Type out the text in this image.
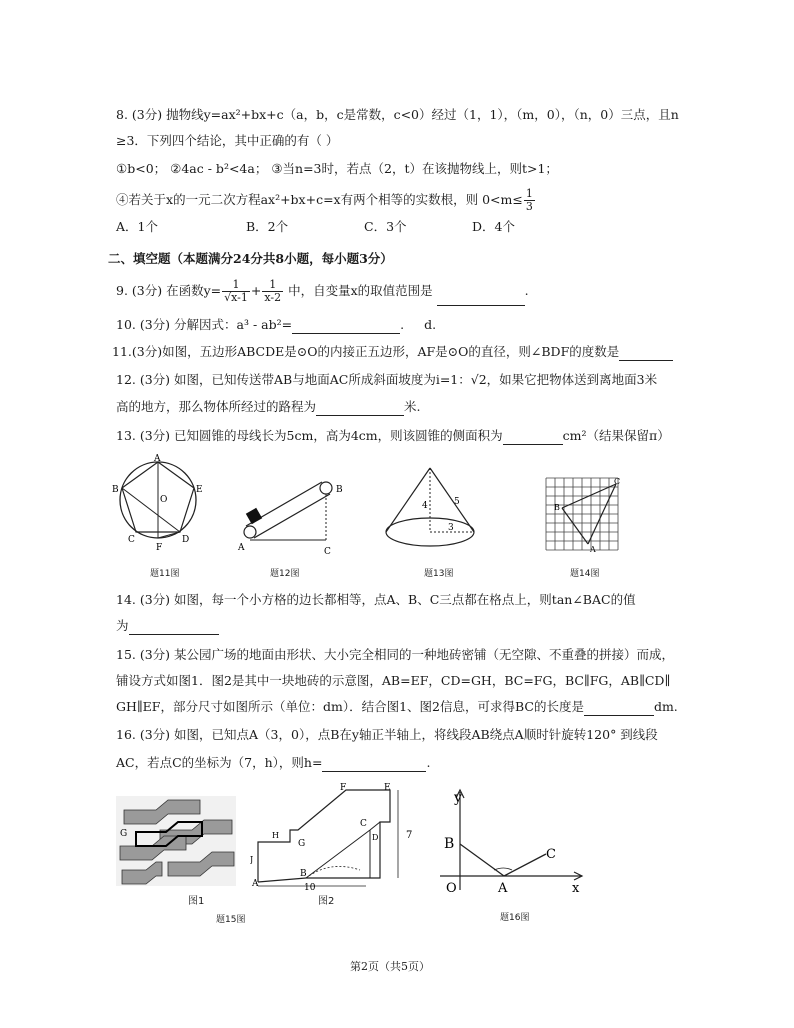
8. (3分) 抛物线y=ax²+bx+c（a，b，c是常数，c<0）经过（1，1），（m，0），（n，0）三点，且n
≥3．下列四个结论，其中正确的有（ ）
①b<0； ②4ac - b²<4a； ③当n=3时，若点（2，t）在该抛物线上，则t>1；
④若关于x的一元二次方程ax²+bx+c=x有两个相等的实数根，则 $0<m\le \frac{1}{3}$
A．1个	B．2个	C．3个	D．4个
二、填空题（本题满分24分共8小题，每小题3分）
9. (3分) 在函数$y= \frac{1}{√x-1} + \frac{1}{x-2}$ 中，自变量x的取值范围是	.
10. (3分) 分解因式：a³ - ab²=	. d.
11.(3分)如图，五边形ABCDE是⊙O的内接正五边形，AF是⊙O的直径，则∠BDF的度数是
12. (3分) 如图，已知传送带AB与地面AC所成斜面坡度为i=1：√2，如果它把物体送到离地面3米
高的地方，那么物体所经过的路程为	米.
13. (3分) 已知圆锥的母线长为5cm，高为4cm，则该圆锥的侧面积为	cm²（结果保留π）
A
B	E
O
C
F
D
B
A	C
5
4
3
C
B
A
题11图	题12图	题13图	题14图
14. (3分) 如图，每一个小方格的边长都相等，点A、B、C三点都在格点上，则tan∠BAC的值
为
15. (3分) 某公园广场的地面由形状、大小完全相同的一种地砖密铺（无空隙、不重叠的拼接）而成，
铺设方式如图1．图2是其中一块地砖的示意图，AB=EF，CD=GH，BC=FG，BC∥FG，AB∥CD∥
GH∥EF，部分尺寸如图所示（单位：dm）．结合图1、图2信息，可求得BC的长度是	dm.
16. (3分) 如图，已知点A（3，0），点B在y轴正半轴上，将线段AB绕点A顺时针旋转120° 到线段
AC，若点C的坐标为（7，h），则h=	.
G
F	E
G
H
C
D
B
A	10
7
J
图1	图2
题15图
y
B
O	A
C
x
题16图
第2页（共5页）
